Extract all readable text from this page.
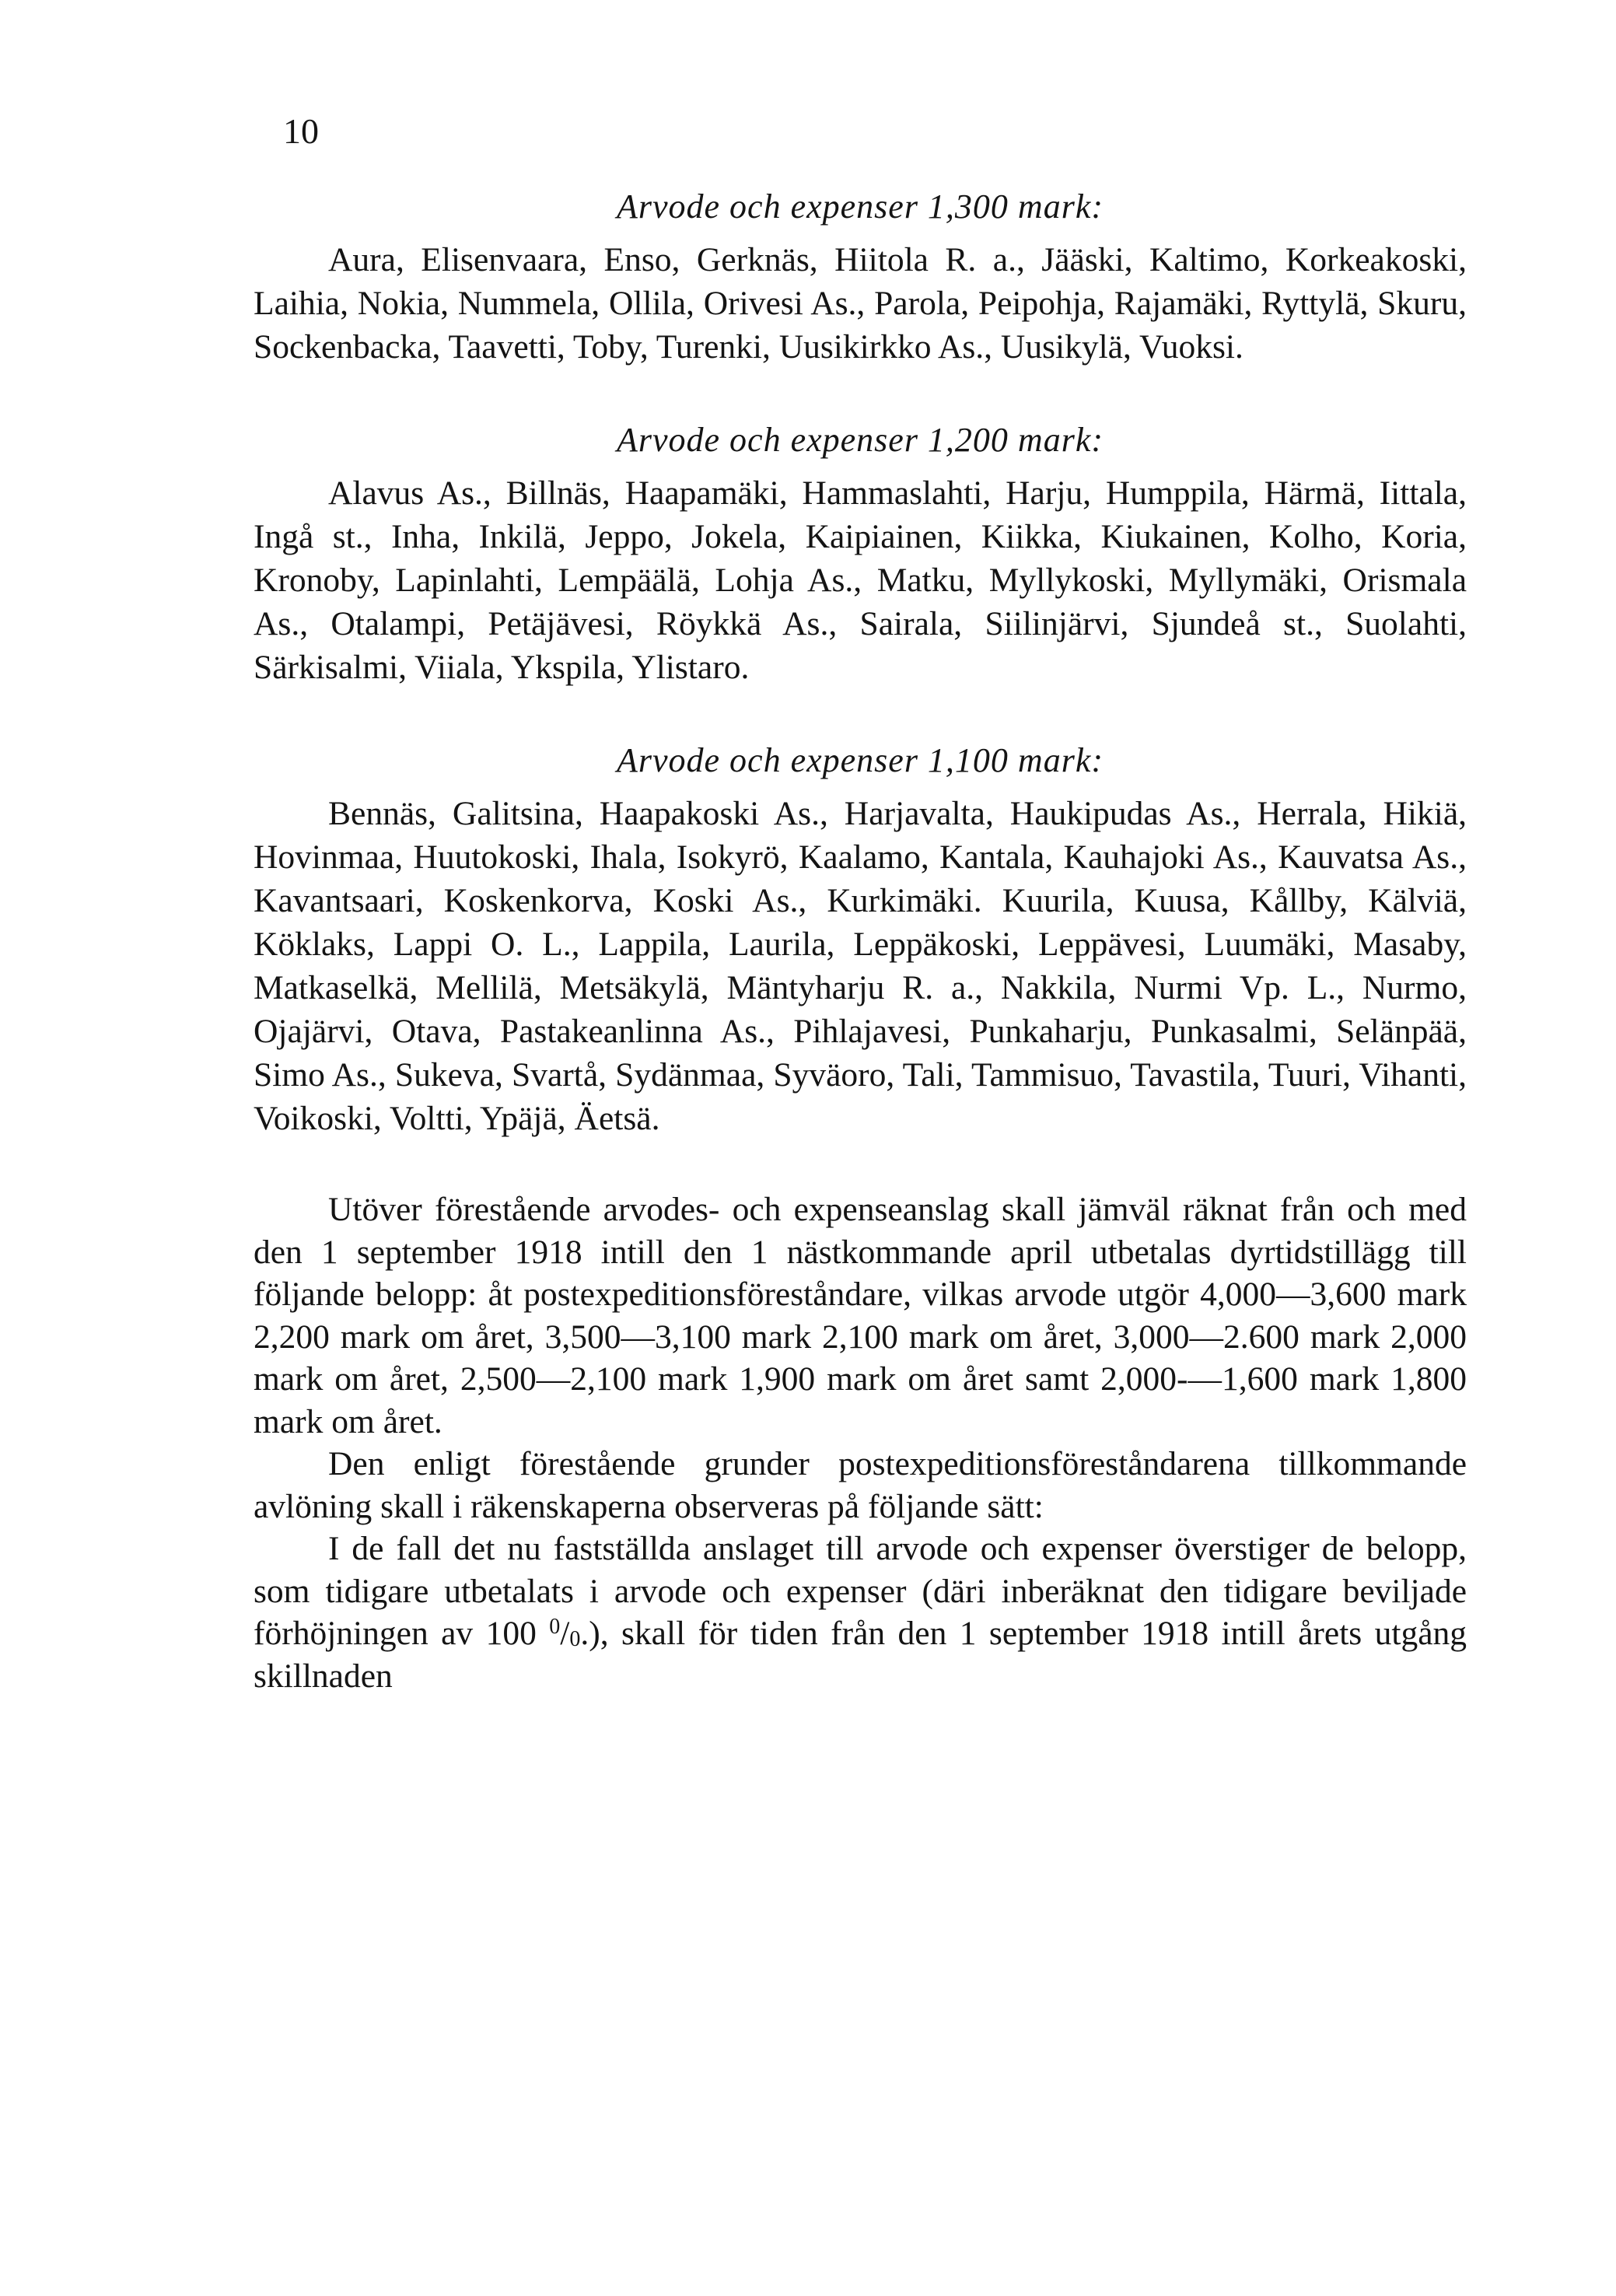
10

Arvode och expenser 1,300 mark:

Aura, Elisenvaara, Enso, Gerknäs, Hiitola R. a., Jääski, Kaltimo, Korkeakoski, Laihia, Nokia, Nummela, Ollila, Orivesi As., Parola, Peipohja, Rajamäki, Ryttylä, Skuru, Sockenbacka, Taavetti, Toby, Turenki, Uusikirkko As., Uusikylä, Vuoksi.

Arvode och expenser 1,200 mark:

Alavus As., Billnäs, Haapamäki, Hammaslahti, Harju, Humppila, Härmä, Iittala, Ingå st., Inha, Inkilä, Jeppo, Jokela, Kaipiainen, Kiikka, Kiukainen, Kolho, Koria, Kronoby, Lapinlahti, Lempäälä, Lohja As., Matku, Myllykoski, Myllymäki, Orismala As., Otalampi, Petäjävesi, Röykkä As., Sairala, Siilinjärvi, Sjundeå st., Suolahti, Särkisalmi, Viiala, Ykspila, Ylistaro.

Arvode och expenser 1,100 mark:

Bennäs, Galitsina, Haapakoski As., Harjavalta, Haukipudas As., Herrala, Hikiä, Hovinmaa, Huutokoski, Ihala, Isokyrö, Kaalamo, Kantala, Kauhajoki As., Kauvatsa As., Kavantsaari, Koskenkorva, Koski As., Kurkimäki. Kuurila, Kuusa, Kållby, Kälviä, Köklaks, Lappi O. L., Lappila, Laurila, Leppäkoski, Leppävesi, Luumäki, Masaby, Matkaselkä, Mellilä, Metsäkylä, Mäntyharju R. a., Nakkila, Nurmi Vp. L., Nurmo, Ojajärvi, Otava, Pastakeanlinna As., Pihlajavesi, Punkaharju, Punkasalmi, Selänpää, Simo As., Sukeva, Svartå, Sydänmaa, Syväoro, Tali, Tammisuo, Tavastila, Tuuri, Vihanti, Voikoski, Voltti, Ypäjä, Äetsä.

Utöver förestående arvodes- och expenseanslag skall jämväl räknat från och med den 1 september 1918 intill den 1 nästkommande april utbetalas dyrtidstillägg till följande belopp: åt postexpeditionsföreståndare, vilkas arvode utgör 4,000—3,600 mark 2,200 mark om året, 3,500—3,100 mark 2,100 mark om året, 3,000—2.600 mark 2,000 mark om året, 2,500—2,100 mark 1,900 mark om året samt 2,000-—1,600 mark 1,800 mark om året.

Den enligt förestående grunder postexpeditionsföreståndarena tillkommande avlöning skall i räkenskaperna observeras på följande sätt:

I de fall det nu fastställda anslaget till arvode och expenser överstiger de belopp, som tidigare utbetalats i arvode och expenser (däri inberäknat den tidigare beviljade förhöjningen av 100 $^0/_0$.), skall för tiden från den 1 september 1918 intill årets utgång skillnaden
